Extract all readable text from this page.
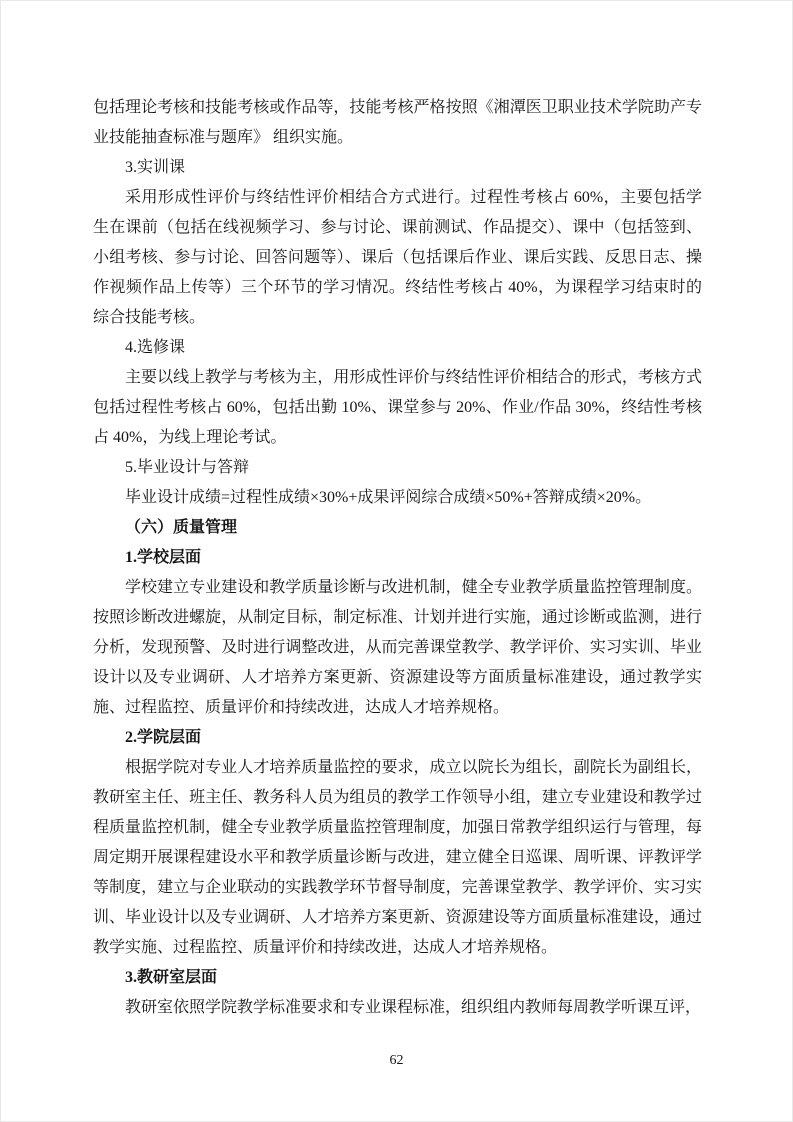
包括理论考核和技能考核或作品等，技能考核严格按照《湘潭医卫职业技术学院助产专业技能抽查标准与题库》 组织实施。

3.实训课

采用形成性评价与终结性评价相结合方式进行。过程性考核占 60%，主要包括学生在课前（包括在线视频学习、参与讨论、课前测试、作品提交）、课中（包括签到、小组考核、参与讨论、回答问题等）、课后（包括课后作业、课后实践、反思日志、操作视频作品上传等）三个环节的学习情况。终结性考核占 40%，为课程学习结束时的综合技能考核。

4.选修课

主要以线上教学与考核为主，用形成性评价与终结性评价相结合的形式，考核方式包括过程性考核占 60%，包括出勤 10%、课堂参与 20%、作业/作品 30%，终结性考核占 40%，为线上理论考试。

5.毕业设计与答辩

毕业设计成绩=过程性成绩×30%+成果评阅综合成绩×50%+答辩成绩×20%。

（六）质量管理

1.学校层面

学校建立专业建设和教学质量诊断与改进机制，健全专业教学质量监控管理制度。按照诊断改进螺旋，从制定目标，制定标准、计划并进行实施，通过诊断或监测，进行分析，发现预警、及时进行调整改进，从而完善课堂教学、教学评价、实习实训、毕业设计以及专业调研、人才培养方案更新、资源建设等方面质量标准建设，通过教学实施、过程监控、质量评价和持续改进，达成人才培养规格。

2.学院层面

根据学院对专业人才培养质量监控的要求，成立以院长为组长，副院长为副组长，教研室主任、班主任、教务科人员为组员的教学工作领导小组，建立专业建设和教学过程质量监控机制，健全专业教学质量监控管理制度，加强日常教学组织运行与管理，每周定期开展课程建设水平和教学质量诊断与改进，建立健全日巡课、周听课、评教评学等制度，建立与企业联动的实践教学环节督导制度，完善课堂教学、教学评价、实习实训、毕业设计以及专业调研、人才培养方案更新、资源建设等方面质量标准建设，通过教学实施、过程监控、质量评价和持续改进，达成人才培养规格。

3.教研室层面

教研室依照学院教学标准要求和专业课程标准，组织组内教师每周教学听课互评，

62
